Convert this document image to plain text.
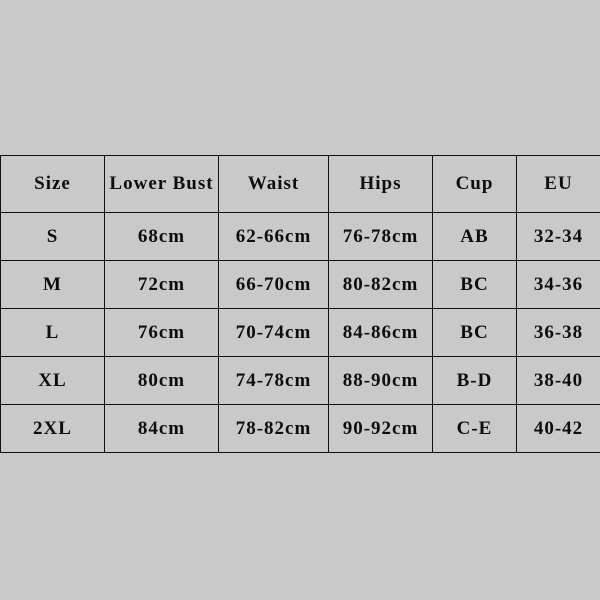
Size	Lower Bust	Waist	Hips	Cup	EU
S	68cm	62-66cm	76-78cm	AB	32-34
M	72cm	66-70cm	80-82cm	BC	34-36
L	76cm	70-74cm	84-86cm	BC	36-38
XL	80cm	74-78cm	88-90cm	B-D	38-40
2XL	84cm	78-82cm	90-92cm	C-E	40-42
